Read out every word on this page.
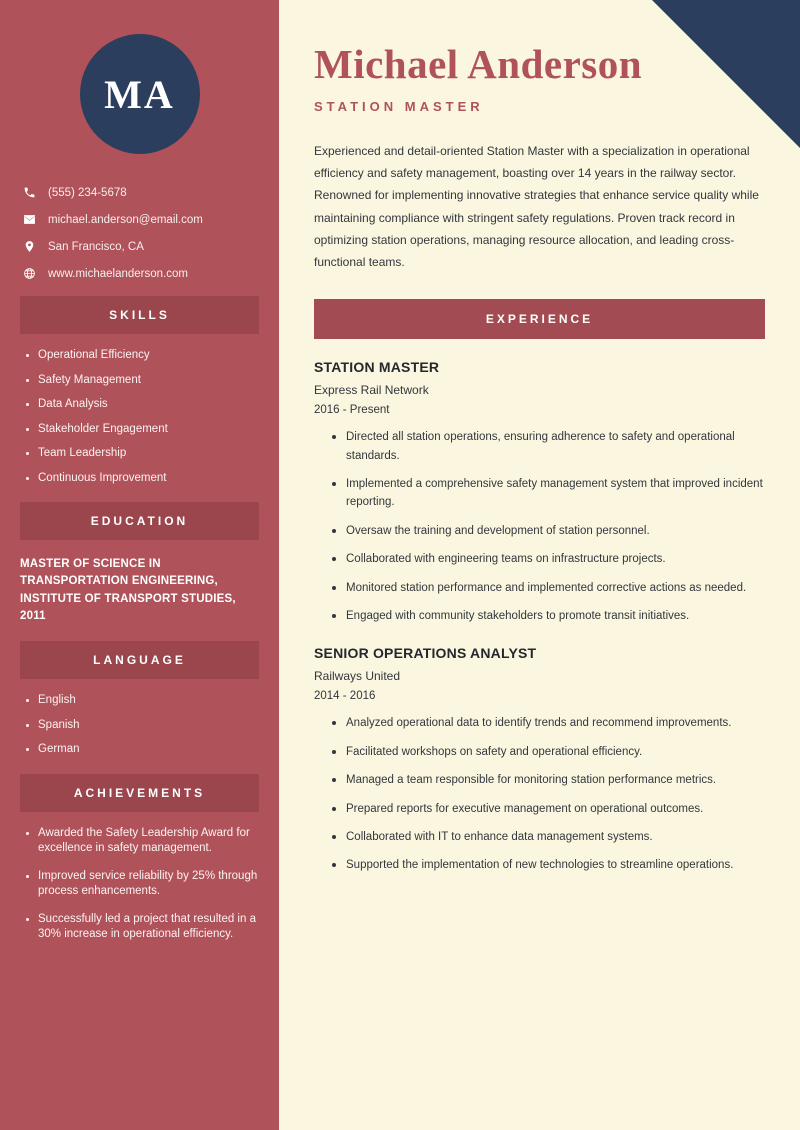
MA
(555) 234-5678
michael.anderson@email.com
San Francisco, CA
www.michaelanderson.com
SKILLS
Operational Efficiency
Safety Management
Data Analysis
Stakeholder Engagement
Team Leadership
Continuous Improvement
EDUCATION
MASTER OF SCIENCE IN TRANSPORTATION ENGINEERING, INSTITUTE OF TRANSPORT STUDIES, 2011
LANGUAGE
English
Spanish
German
ACHIEVEMENTS
Awarded the Safety Leadership Award for excellence in safety management.
Improved service reliability by 25% through process enhancements.
Successfully led a project that resulted in a 30% increase in operational efficiency.
Michael Anderson
STATION MASTER

Experienced and detail-oriented Station Master with a specialization in operational efficiency and safety management, boasting over 14 years in the railway sector. Renowned for implementing innovative strategies that enhance service quality while maintaining compliance with stringent safety regulations. Proven track record in optimizing station operations, managing resource allocation, and leading cross-functional teams.

EXPERIENCE
STATION MASTER
Express Rail Network
2016 - Present
Directed all station operations, ensuring adherence to safety and operational standards.
Implemented a comprehensive safety management system that improved incident reporting.
Oversaw the training and development of station personnel.
Collaborated with engineering teams on infrastructure projects.
Monitored station performance and implemented corrective actions as needed.
Engaged with community stakeholders to promote transit initiatives.
SENIOR OPERATIONS ANALYST
Railways United
2014 - 2016
Analyzed operational data to identify trends and recommend improvements.
Facilitated workshops on safety and operational efficiency.
Managed a team responsible for monitoring station performance metrics.
Prepared reports for executive management on operational outcomes.
Collaborated with IT to enhance data management systems.
Supported the implementation of new technologies to streamline operations.
